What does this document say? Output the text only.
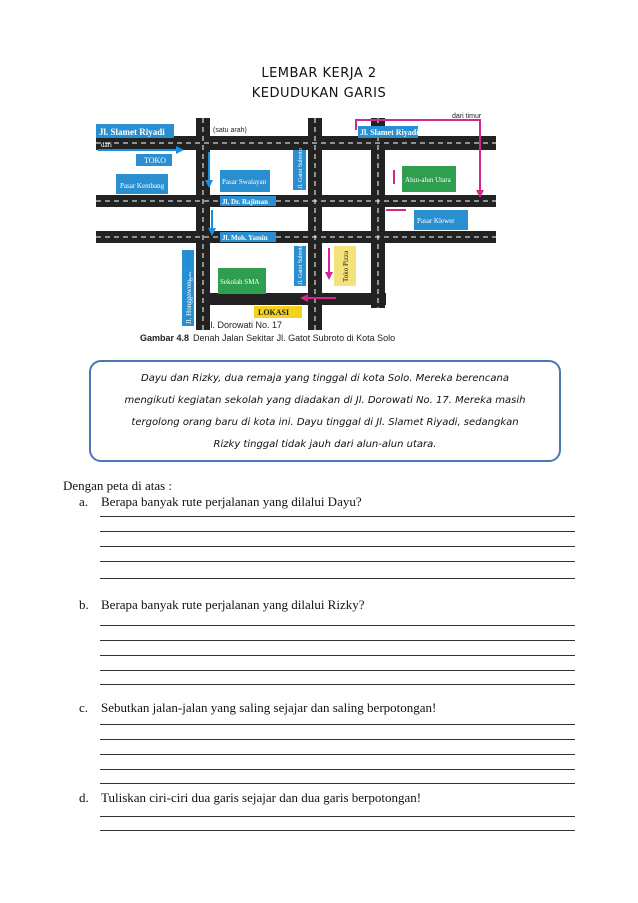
LEMBAR KERJA 2
KEDUDUKAN GARIS
Jl. Slamet Riyadi
dari
(satu arah)	Jl. Slamet Riyadi
dari timur
TOKO
Pasar Kembang	Pasar Swalayan	Alun-alun Utara
Pasar Klewer
Sekolah SMA	Toko Pizza
LOKASI
Jl. Dr. Rajiman
Jl. Moh. Yamin
Jl. Honggowongso
Jl. Gatot Subroto
Jl. Gatot Subroto
Jl. Dorowati No. 17
Gambar 4.8 Denah Jalan Sekitar Jl. Gatot Subroto di Kota Solo
Dayu dan Rizky, dua remaja yang tinggal di kota Solo. Mereka berencana
mengikuti kegiatan sekolah yang diadakan di Jl. Dorowati No. 17. Mereka masih
tergolong orang baru di kota ini. Dayu tinggal di Jl. Slamet Riyadi, sedangkan
Rizky tinggal tidak jauh dari alun-alun utara.
Dengan peta di atas :
a. Berapa banyak rute perjalanan yang dilalui Dayu?
b. Berapa banyak rute perjalanan yang dilalui Rizky?
c. Sebutkan jalan-jalan yang saling sejajar dan saling berpotongan!
d. Tuliskan ciri-ciri dua garis sejajar dan dua garis berpotongan!
